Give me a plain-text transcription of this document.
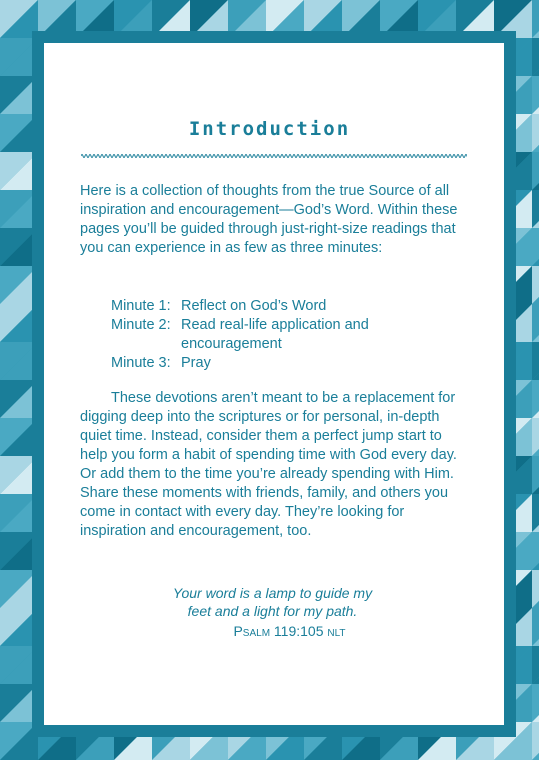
Introduction
Here is a collection of thoughts from the true Source of all inspiration and encouragement—God’s Word. Within these pages you’ll be guided through just-right-size readings that you can experience in as few as three minutes:
Minute 1: Reflect on God’s Word
Minute 2: Read real-life application and encouragement
Minute 3: Pray
These devotions aren’t meant to be a replacement for digging deep into the scriptures or for personal, in-depth quiet time. Instead, consider them a perfect jump start to help you form a habit of spending time with God every day. Or add them to the time you’re already spending with Him. Share these moments with friends, family, and others you come in contact with every day. They’re looking for inspiration and encouragement, too.
Your word is a lamp to guide my
feet and a light for my path.
Psalm 119:105 NLT
